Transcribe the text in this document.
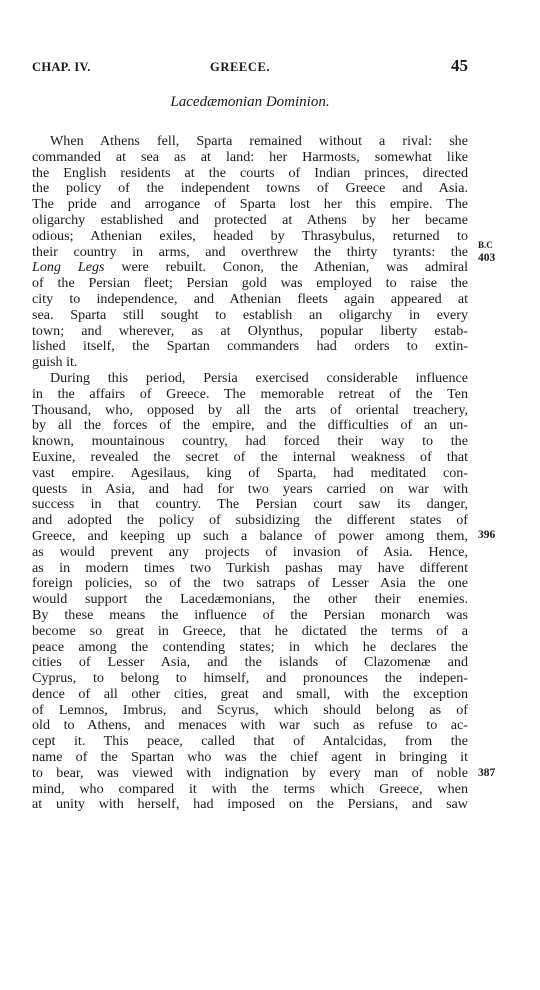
CHAP. IV.	GREECE.	45
Lacedæmonian Dominion.
When Athens fell, Sparta remained without a rival: she
commanded at sea as at land: her Harmosts, somewhat like
the English residents at the courts of Indian princes, directed
the policy of the independent towns of Greece and Asia.
The pride and arrogance of Sparta lost her this empire. The
oligarchy established and protected at Athens by her became
odious; Athenian exiles, headed by Thrasybulus, returned to
their country in arms, and overthrew the thirty tyrants: the
Long Legs were rebuilt. Conon, the Athenian, was admiral
of the Persian fleet; Persian gold was employed to raise the
city to independence, and Athenian fleets again appeared at
sea. Sparta still sought to establish an oligarchy in every
town; and wherever, as at Olynthus, popular liberty estab-
lished itself, the Spartan commanders had orders to extin-
guish it.
During this period, Persia exercised considerable influence
in the affairs of Greece. The memorable retreat of the Ten
Thousand, who, opposed by all the arts of oriental treachery,
by all the forces of the empire, and the difficulties of an un-
known, mountainous country, had forced their way to the
Euxine, revealed the secret of the internal weakness of that
vast empire. Agesilaus, king of Sparta, had meditated con-
quests in Asia, and had for two years carried on war with
success in that country. The Persian court saw its danger,
and adopted the policy of subsidizing the different states of
Greece, and keeping up such a balance of power among them,
as would prevent any projects of invasion of Asia. Hence,
as in modern times two Turkish pashas may have different
foreign policies, so of the two satraps of Lesser Asia the one
would support the Lacedæmonians, the other their enemies.
By these means the influence of the Persian monarch was
become so great in Greece, that he dictated the terms of a
peace among the contending states; in which he declares the
cities of Lesser Asia, and the islands of Clazomenæ and
Cyprus, to belong to himself, and pronounces the indepen-
dence of all other cities, great and small, with the exception
of Lemnos, Imbrus, and Scyrus, which should belong as of
old to Athens, and menaces with war such as refuse to ac-
cept it. This peace, called that of Antalcidas, from the
name of the Spartan who was the chief agent in bringing it
to bear, was viewed with indignation by every man of noble
mind, who compared it with the terms which Greece, when
at unity with herself, had imposed on the Persians, and saw
B.C
403
396
387
